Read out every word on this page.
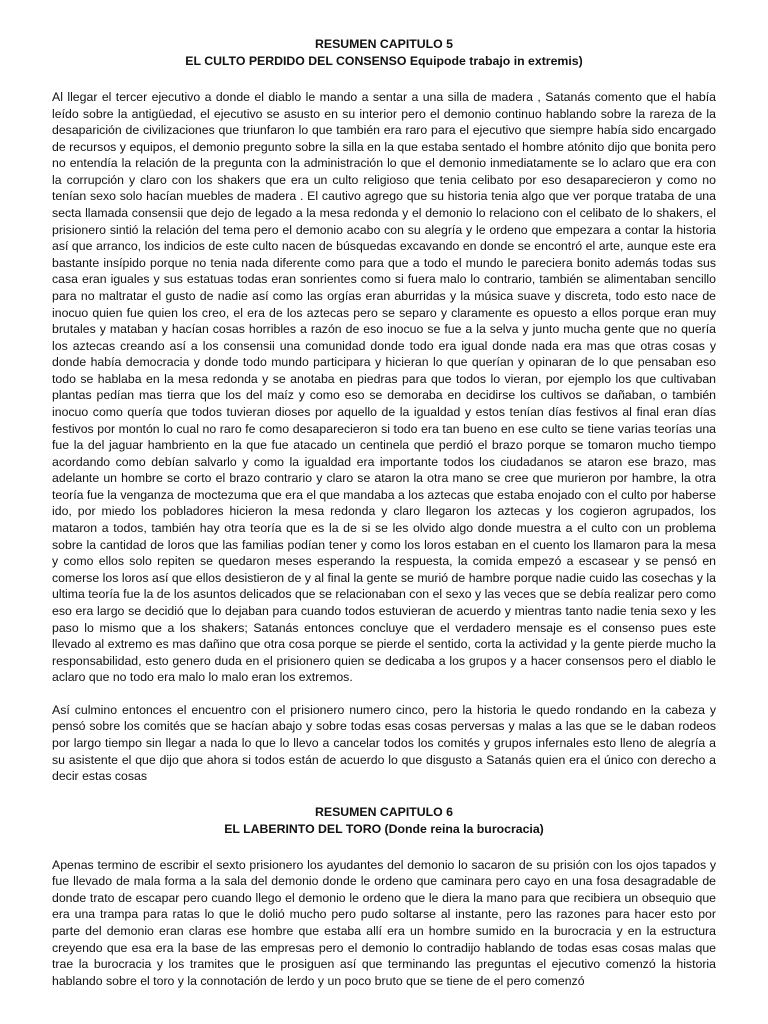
RESUMEN CAPITULO 5

EL CULTO PERDIDO DEL CONSENSO Equipode trabajo in extremis)

Al llegar el tercer ejecutivo a donde el diablo le mando a sentar a una silla de madera , Satanás comento que el había leído sobre la antigüedad, el ejecutivo se asusto en su interior pero el demonio continuo hablando sobre la rareza de la desaparición de civilizaciones que triunfaron lo que también era raro para el ejecutivo que siempre había sido encargado de recursos y equipos, el demonio pregunto sobre la silla en la que estaba sentado el hombre atónito dijo que bonita pero no entendía la relación de la pregunta con la administración lo que el demonio inmediatamente se lo aclaro que era con la corrupción y claro con los shakers que era un culto religioso que tenia celibato por eso desaparecieron y como no tenían sexo solo hacían muebles de madera . El cautivo agrego que su historia tenia algo que ver porque trataba de una secta llamada consensii que dejo de legado a la mesa redonda y el demonio lo relaciono con el celibato de lo shakers, el prisionero sintió la relación del tema pero el demonio acabo con su alegría y le ordeno que empezara a contar la historia así que arranco, los indicios de este culto nacen de búsquedas excavando en donde se encontró el arte, aunque este era bastante insípido porque no tenia nada diferente como para que a todo el mundo le pareciera bonito además todas sus casa eran iguales y sus estatuas todas eran sonrientes como si fuera malo lo contrario, también se alimentaban sencillo para no maltratar el gusto de nadie así como las orgías eran aburridas y la música suave y discreta, todo esto nace de inocuo quien fue quien los creo, el era de los aztecas pero se separo y claramente es opuesto a ellos porque eran muy brutales y mataban y hacían cosas horribles a razón de eso inocuo se fue a la selva y junto mucha gente que no quería los aztecas creando así a los consensii una comunidad donde todo era igual donde nada era mas que otras cosas y donde había democracia y donde todo mundo participara y hicieran lo que querían y opinaran de lo que pensaban eso todo se hablaba en la mesa redonda y se anotaba en piedras para que todos lo vieran, por ejemplo los que cultivaban plantas pedían mas tierra que los del maíz y como eso se demoraba en decidirse los cultivos se dañaban, o también inocuo como quería que todos tuvieran dioses por aquello de la igualdad y estos tenían días festivos al final eran días festivos por montón lo cual no raro fe como desaparecieron si todo era tan bueno en ese culto se tiene varias teorías una fue la del jaguar hambriento en la que fue atacado un centinela que perdió el brazo porque se tomaron mucho tiempo acordando como debían salvarlo y como la igualdad era importante todos los ciudadanos se ataron ese brazo, mas adelante un hombre se corto el brazo contrario y claro se ataron la otra mano se cree que murieron por hambre, la otra teoría fue la venganza de moctezuma que era el que mandaba a los aztecas que estaba enojado con el culto por haberse ido, por miedo los pobladores hicieron la mesa redonda y claro llegaron los aztecas y los cogieron agrupados, los mataron a todos, también hay otra teoría que es la de si se les olvido algo donde muestra a el culto con un problema sobre la cantidad de loros que las familias podían tener y como los loros estaban en el cuento los llamaron para la mesa y como ellos solo repiten se quedaron meses esperando la respuesta, la comida empezó a escasear y se pensó en comerse los loros así que ellos desistieron de y al final la gente se murió de hambre porque nadie cuido las cosechas y la ultima teoría fue la de los asuntos delicados que se relacionaban con el sexo y las veces que se debía realizar pero como eso era largo se decidió que lo dejaban para cuando todos estuvieran de acuerdo y mientras tanto nadie tenia sexo y les paso lo mismo que a los shakers; Satanás entonces concluye que el verdadero mensaje es el consenso pues este llevado al extremo es mas dañino que otra cosa porque se pierde el sentido, corta la actividad y la gente pierde mucho la responsabilidad, esto genero duda en el prisionero quien se dedicaba a los grupos y a hacer consensos pero el diablo le aclaro que no todo era malo lo malo eran los extremos.

Así culmino entonces el encuentro con el prisionero numero cinco, pero la historia le quedo rondando en la cabeza y pensó sobre los comités que se hacían abajo y sobre todas esas cosas perversas y malas a las que se le daban rodeos por largo tiempo sin llegar a nada lo que lo llevo a cancelar todos los comités y grupos infernales esto lleno de alegría a su asistente el que dijo que ahora si todos están de acuerdo lo que disgusto a Satanás quien era el único con derecho a decir estas cosas

RESUMEN CAPITULO 6

EL LABERINTO DEL TORO (Donde reina la burocracia)

Apenas termino de escribir el sexto prisionero los ayudantes del demonio lo sacaron de su prisión con los ojos tapados y fue llevado de mala forma a la sala del demonio donde le ordeno que caminara pero cayo en una fosa desagradable de donde trato de escapar pero cuando llego el demonio le ordeno que le diera la mano para que recibiera un obsequio que era una trampa para ratas lo que le dolió mucho pero pudo soltarse al instante, pero las razones para hacer esto por parte del demonio eran claras ese hombre que estaba allí era un hombre sumido en la burocracia y en la estructura creyendo que esa era la base de las empresas pero el demonio lo contradijo hablando de todas esas cosas malas que trae la burocracia y los tramites que le prosiguen así que terminando las preguntas el ejecutivo comenzó la historia hablando sobre el toro y la connotación de lerdo y un poco bruto que se tiene de el pero comenzó
